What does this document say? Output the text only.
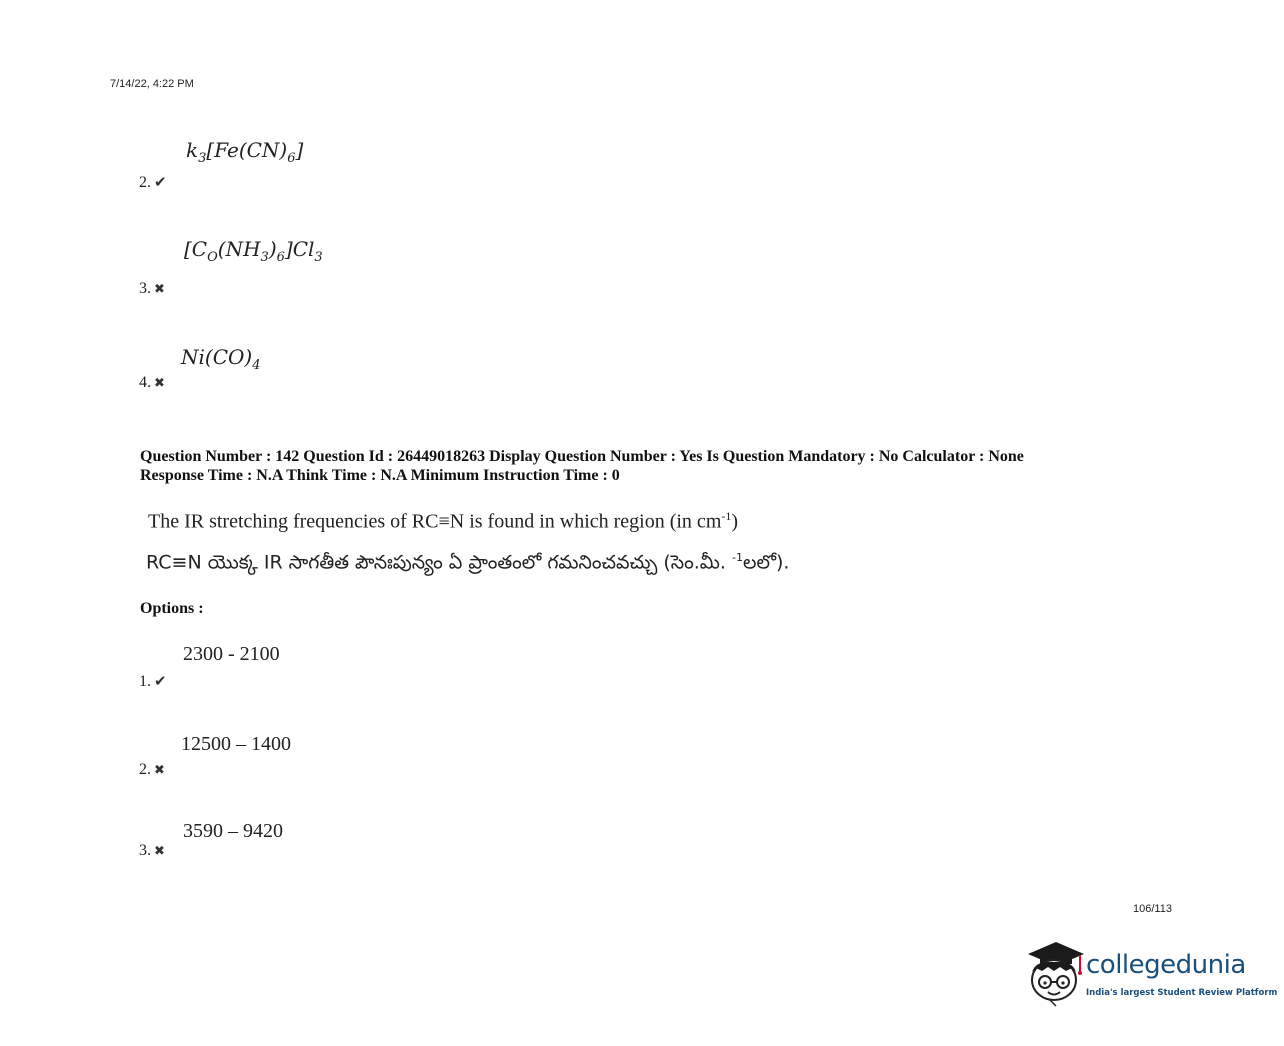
7/14/22, 4:22 PM
$k_3[Fe(CN)_6]$
2. ✔
$[C_O(NH_3)_6]Cl_3$
3. ✖
$Ni(CO)_4$
4. ✖
Question Number : 142 Question Id : 26449018263 Display Question Number : Yes Is Question Mandatory : No Calculator : None
Response Time : N.A Think Time : N.A Minimum Instruction Time : 0
The IR stretching frequencies of RC≡N is found in which region (in $cm^{-1}$)
RC≡N యొక్క IR సాగతీత పౌనఃపున్యం ఏ ప్రాంతంలో గమనించవచ్చు (సెం.మీ. $^{-1}$లలో).
Options :
2300 - 2100
1. ✔
12500 – 1400
2. ✖
3590 – 9420
3. ✖
106/113
collegedunia
India's largest Student Review Platform
